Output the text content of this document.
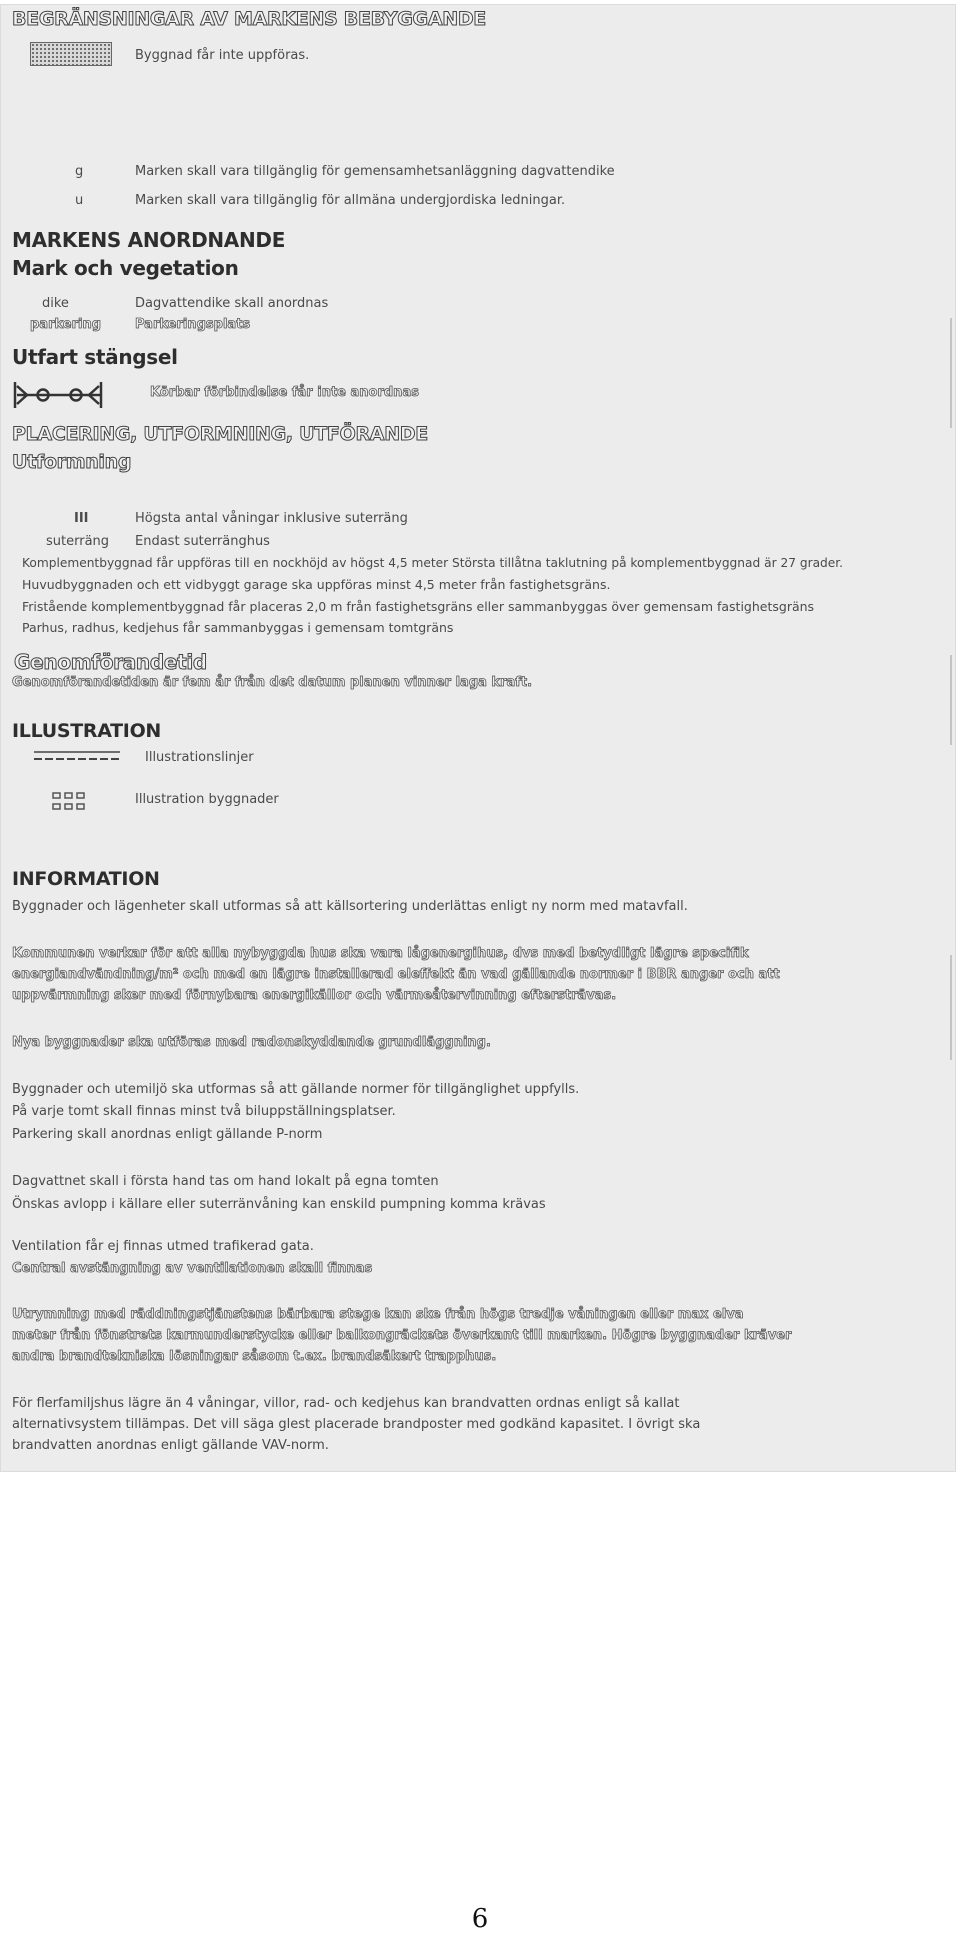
BEGRÄNSNINGAR AV MARKENS BEBYGGANDE
Byggnad får inte uppföras.
g	Marken skall vara tillgänglig för gemensamhetsanläggning dagvattendike
u	Marken skall vara tillgänglig för allmäna undergjordiska ledningar.
MARKENS ANORDNANDE
Mark och vegetation
dike	Dagvattendike skall anordnas
parkering	Parkeringsplats
Utfart stängsel
Körbar förbindelse får inte anordnas
PLACERING, UTFORMNING, UTFÖRANDE
Utformning
III	Högsta antal våningar inklusive suterräng
suterräng Endast suterränghus
Komplementbyggnad får uppföras till en nockhöjd av högst 4,5 meter Största tillåtna taklutning på komplementbyggnad är 27 grader.
Huvudbyggnaden och ett vidbyggt garage ska uppföras minst 4,5 meter från fastighetsgräns.
Fristående komplementbyggnad får placeras 2,0 m från fastighetsgräns eller sammanbyggas över gemensam fastighetsgräns
Parhus, radhus, kedjehus får sammanbyggas i gemensam tomtgräns
Genomförandetid
Genomförandetiden är fem år från det datum planen vinner laga kraft.
ILLUSTRATION
Illustrationslinjer
Illustration byggnader
INFORMATION
Byggnader och lägenheter skall utformas så att källsortering underlättas enligt ny norm med matavfall.
Kommunen verkar för att alla nybyggda hus ska vara lågenergihus, dvs med betydligt lägre specifik
energiandvändning/m² och med en lägre installerad eleffekt än vad gällande normer i BBR anger och att
uppvärmning sker med förnybara energikällor och värmeåtervinning eftersträvas.
Nya byggnader ska utföras med radonskyddande grundläggning.
Byggnader och utemiljö ska utformas så att gällande normer för tillgänglighet uppfylls.
På varje tomt skall finnas minst två biluppställningsplatser.
Parkering skall anordnas enligt gällande P-norm
Dagvattnet skall i första hand tas om hand lokalt på egna tomten
Önskas avlopp i källare eller suterränvåning kan enskild pumpning komma krävas
Ventilation får ej finnas utmed trafikerad gata.
Central avstängning av ventilationen skall finnas
Utrymning med räddningstjänstens bärbara stege kan ske från högs tredje våningen eller max elva
meter från fönstrets karmunderstycke eller balkongräckets överkant till marken. Högre byggnader kräver
andra brandtekniska lösningar såsom t.ex. brandsäkert trapphus.
För flerfamiljshus lägre än 4 våningar, villor, rad- och kedjehus kan brandvatten ordnas enligt så kallat
alternativsystem tillämpas. Det vill säga glest placerade brandposter med godkänd kapasitet. I övrigt ska
brandvatten anordnas enligt gällande VAV-norm.
6
